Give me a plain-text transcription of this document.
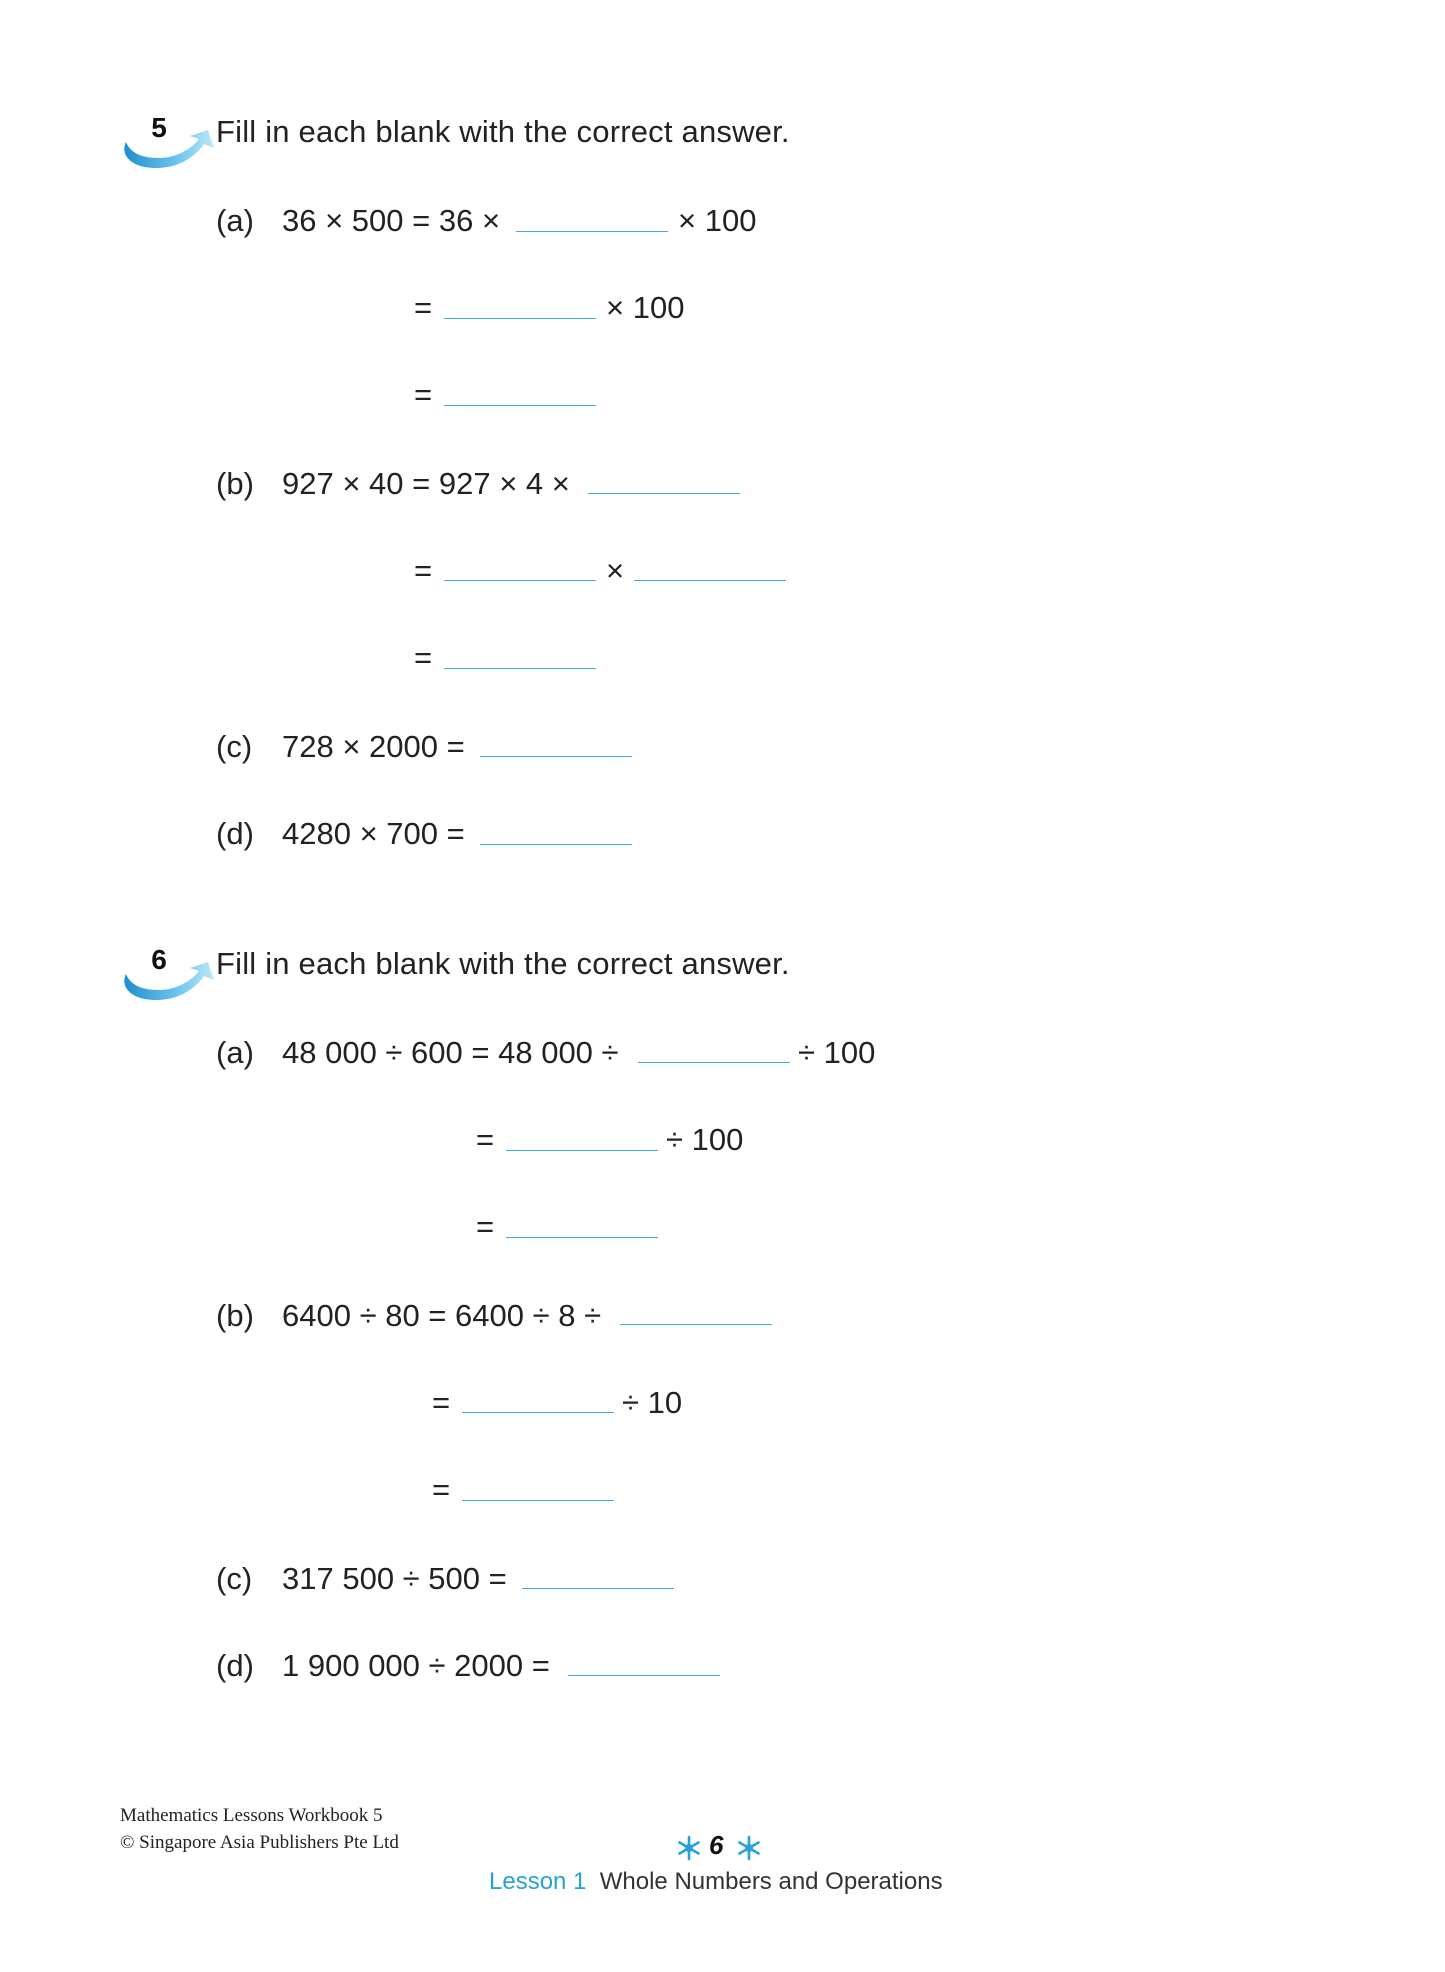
5 Fill in each blank with the correct answer.
(a) 36 × 500 = 36 ×	× 100
=	× 100
=
(b) 927 × 40 = 927 × 4 ×
=	×
=
(c) 728 × 2000 =
(d) 4280 × 700 =
6 Fill in each blank with the correct answer.
(a) 48 000 ÷ 600 = 48 000 ÷	÷ 100
=	÷ 100
=
(b) 6400 ÷ 80 = 6400 ÷ 8 ÷
=	÷ 10
=
(c) 317 500 ÷ 500 =
(d) 1 900 000 ÷ 2000 =
Mathematics Lessons Workbook 5
© Singapore Asia Publishers Pte Ltd	6
Lesson 1 Whole Numbers and Operations
